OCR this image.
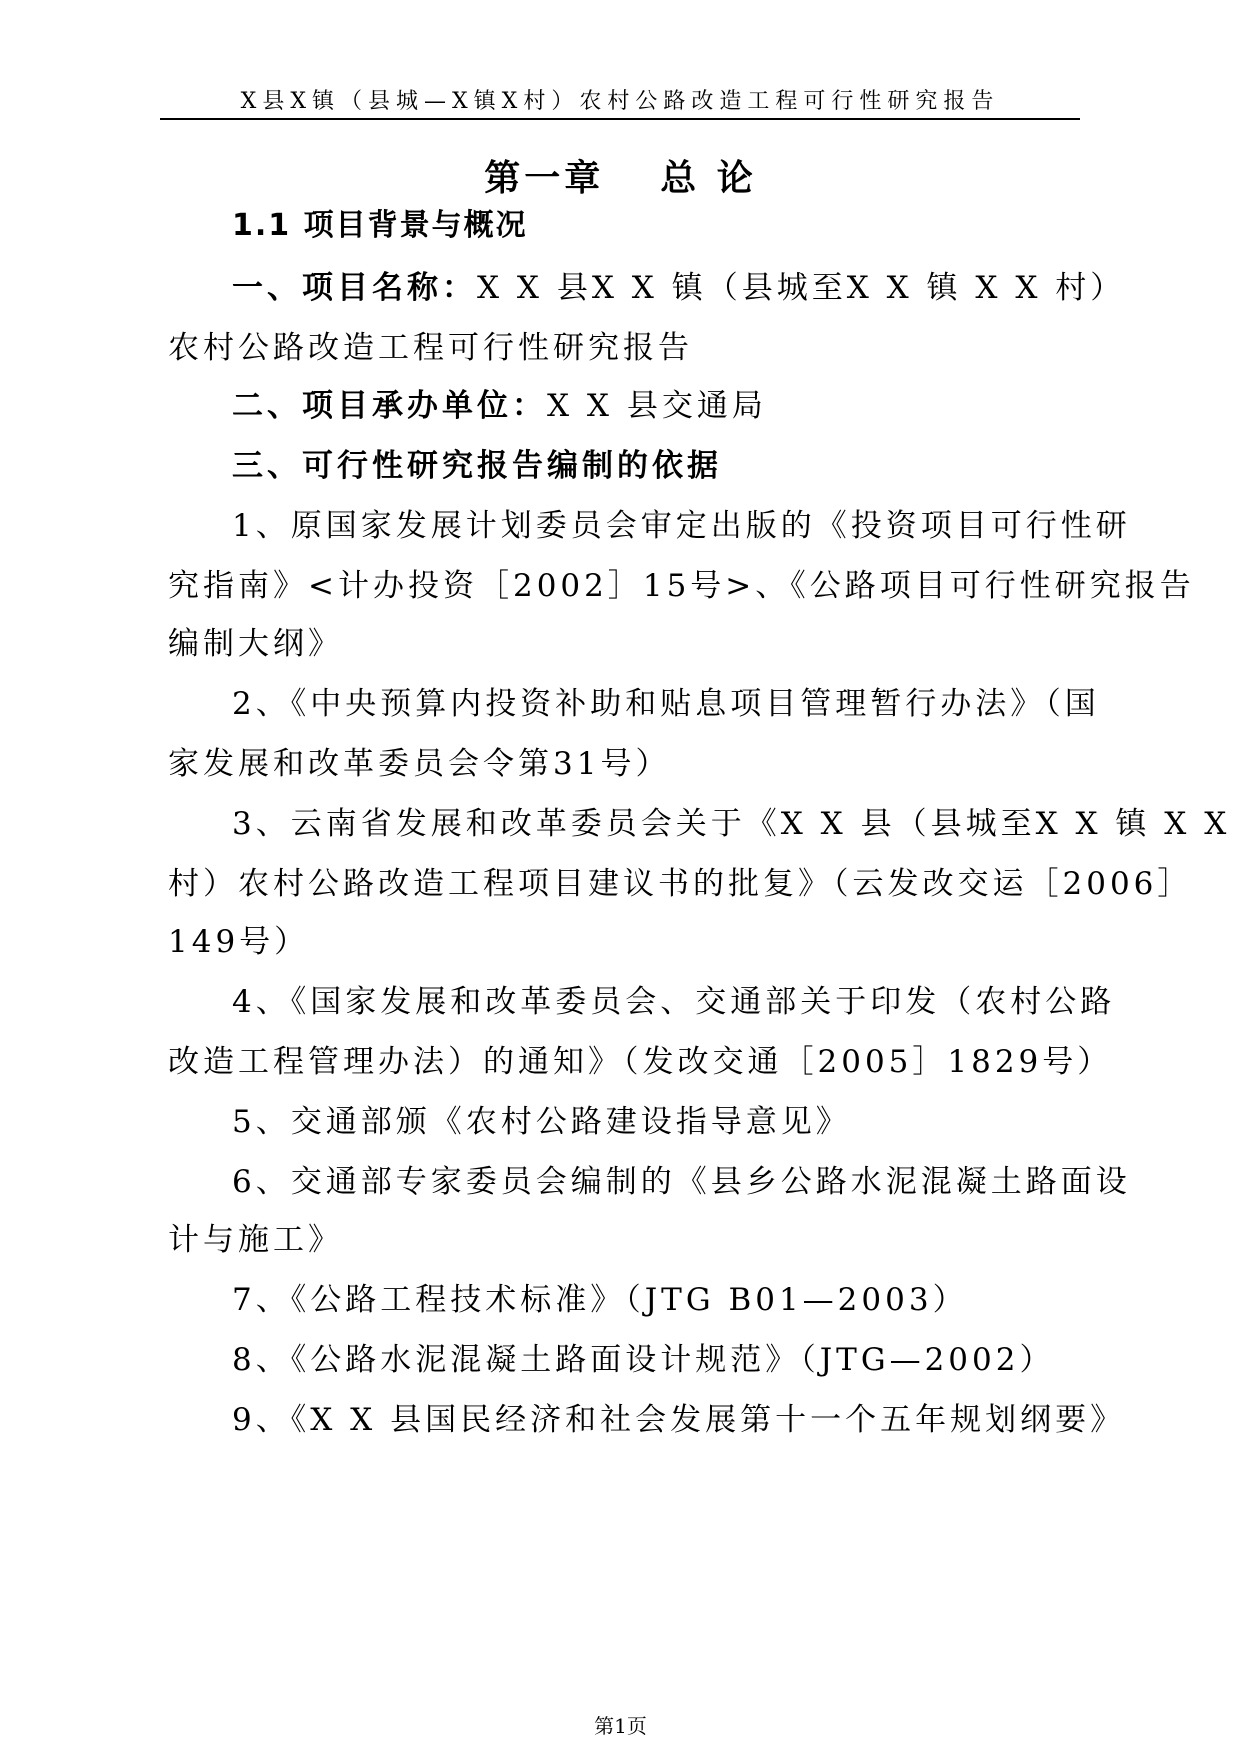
X县X镇（县城—X镇X村）农村公路改造工程可行性研究报告
第一章 总 论
1.1 项目背景与概况
一、项目名称：X X 县X X 镇（县城至X X 镇 X X 村）
农村公路改造工程可行性研究报告
二、项目承办单位：X X 县交通局
三、可行性研究报告编制的依据
1、原国家发展计划委员会审定出版的《投资项目可行性研
究指南》<计办投资［2002］15号>、《公路项目可行性研究报告
编制大纲》
2、《中央预算内投资补助和贴息项目管理暂行办法》（国
家发展和改革委员会令第31号）
3、云南省发展和改革委员会关于《X X 县（县城至X X 镇 X X
村）农村公路改造工程项目建议书的批复》（云发改交运［2006］
149号）
4、《国家发展和改革委员会、交通部关于印发（农村公路
改造工程管理办法）的通知》（发改交通［2005］1829号）
5、交通部颁《农村公路建设指导意见》
6、交通部专家委员会编制的《县乡公路水泥混凝土路面设
计与施工》
7、《公路工程技术标准》（JTG B01—2003）
8、《公路水泥混凝土路面设计规范》（JTG—2002）
9、《X X 县国民经济和社会发展第十一个五年规划纲要》
第1页
